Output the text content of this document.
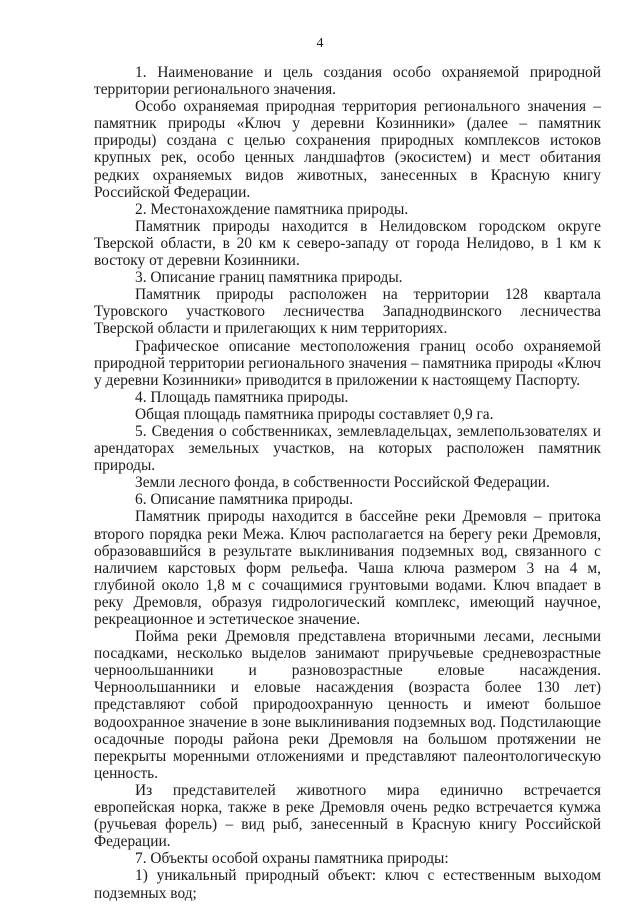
4

1. Наименование и цель создания особо охраняемой природной территории регионального значения.

Особо охраняемая природная территория регионального значения – памятник природы «Ключ у деревни Козинники» (далее – памятник природы) создана с целью сохранения природных комплексов истоков крупных рек, особо ценных ландшафтов (экосистем) и мест обитания редких охраняемых видов животных, занесенных в Красную книгу Российской Федерации.

2. Местонахождение памятника природы.

Памятник природы находится в Нелидовском городском округе Тверской области, в 20 км к северо-западу от города Нелидово, в 1 км к востоку от деревни Козинники.

3. Описание границ памятника природы.

Памятник природы расположен на территории 128 квартала Туровского участкового лесничества Западнодвинского лесничества Тверской области и прилегающих к ним территориях.

Графическое описание местоположения границ особо охраняемой природной территории регионального значения – памятника природы «Ключ у деревни Козинники» приводится в приложении к настоящему Паспорту.

4. Площадь памятника природы.

Общая площадь памятника природы составляет 0,9 га.

5. Сведения о собственниках, землевладельцах, землепользователях и арендаторах земельных участков, на которых расположен памятник природы.

Земли лесного фонда, в собственности Российской Федерации.

6. Описание памятника природы.

Памятник природы находится в бассейне реки Дремовля – притока второго порядка реки Межа. Ключ располагается на берегу реки Дремовля, образовавшийся в результате выклинивания подземных вод, связанного с наличием карстовых форм рельефа. Чаша ключа размером 3 на 4 м, глубиной около 1,8 м с сочащимися грунтовыми водами. Ключ впадает в реку Дремовля, образуя гидрологический комплекс, имеющий научное, рекреационное и эстетическое значение.

Пойма реки Дремовля представлена вторичными лесами, лесными посадками, несколько выделов занимают приручьевые средневозрастные черноольшанники и разновозрастные еловые насаждения. Черноольшанники и еловые насаждения (возраста более 130 лет) представляют собой природоохранную ценность и имеют большое водоохранное значение в зоне выклинивания подземных вод. Подстилающие осадочные породы района реки Дремовля на большом протяжении не перекрыты моренными отложениями и представляют палеонтологическую ценность.

Из представителей животного мира единично встречается европейская норка, также в реке Дремовля очень редко встречается кумжа (ручьевая форель) – вид рыб, занесенный в Красную книгу Российской Федерации.

7. Объекты особой охраны памятника природы:

1) уникальный природный объект: ключ с естественным выходом подземных вод;
